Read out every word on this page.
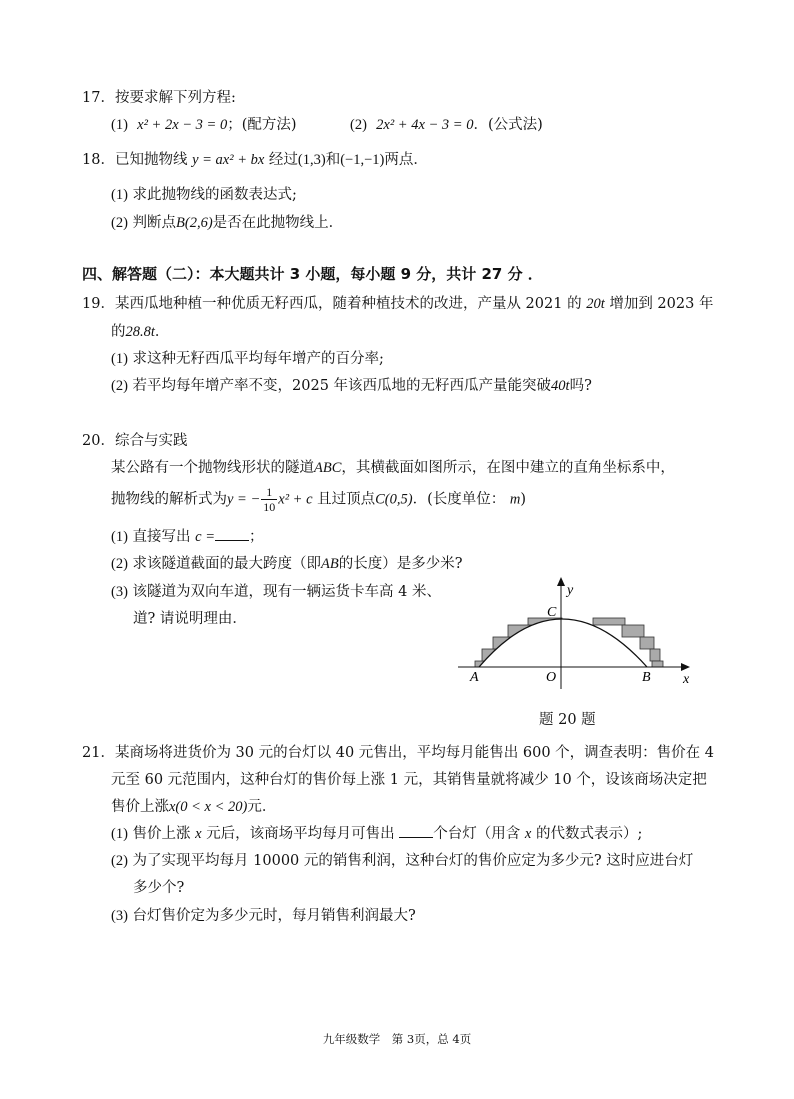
17．按要求解下列方程:
(1) x² + 2x − 3 = 0；(配方法)	(2) 2x² + 4x − 3 = 0．(公式法)
18．已知抛物线 y = ax² + bx 经过(1,3)和(−1,−1)两点．
(1) 求此抛物线的函数表达式;
(2) 判断点B(2,6)是否在此抛物线上．
四、解答题（二）：本大题共计 3 小题，每小题 9 分，共计 27 分 ．
19．某西瓜地种植一种优质无籽西瓜，随着种植技术的改进，产量从 2021 的 20t 增加到 2023 年
的28.8t．
(1) 求这种无籽西瓜平均每年增产的百分率;
(2) 若平均每年增产率不变，2025 年该西瓜地的无籽西瓜产量能突破40t吗?
20．综合与实践
某公路有一个抛物线形状的隧道ABC，其横截面如图所示，在图中建立的直角坐标系中，
抛物线的解析式为y = − $\frac{1}{10} x^2 + c$ 且过顶点C(0,5)．(长度单位： m)
(1) 直接写出 c = ；
(2) 求该隧道截面的最大跨度（即AB的长度）是多少米?
(3) 该隧道为双向车道，现有一辆运货卡车高 4 米、
道? 请说明理由．
y
C
A	O	B x
题 20 题
21．某商场将进货价为 30 元的台灯以 40 元售出，平均每月能售出 600 个，调查表明：售价在 4
元至 60 元范围内，这种台灯的售价每上涨 1 元，其销售量就将减少 10 个，设该商场决定把
售价上涨x(0 < x < 20)元．
(1) 售价上涨 x 元后，该商场平均每月可售出	个台灯（用含 x 的代数式表示）;
(2) 为了实现平均每月 10000 元的销售利润，这种台灯的售价应定为多少元? 这时应进台灯
多少个?
(3) 台灯售价定为多少元时，每月销售利润最大?
九年级数学　第 3页，总 4页
